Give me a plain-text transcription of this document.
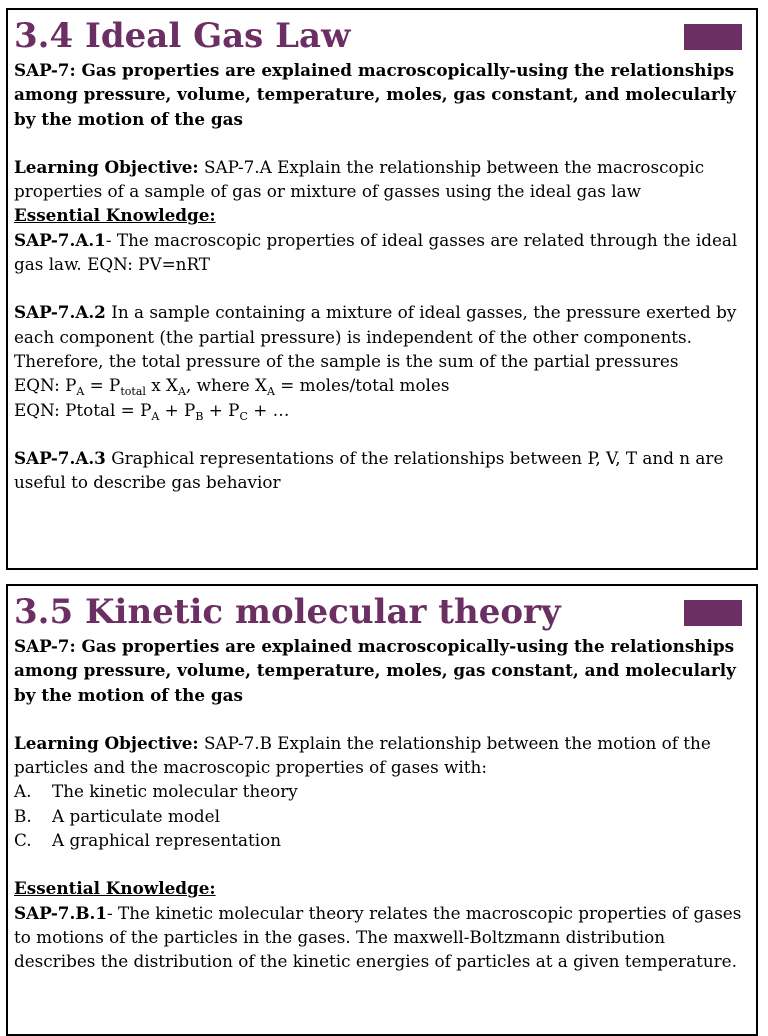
3.4 Ideal Gas Law
SAP-7: Gas properties are explained macroscopically-using the relationships among pressure, volume, temperature, moles, gas constant, and molecularly by the motion of the gas
Learning Objective: SAP-7.A Explain the relationship between the macroscopic properties of a sample of gas or mixture of gasses using the ideal gas law
Essential Knowledge:
SAP-7.A.1- The macroscopic properties of ideal gasses are related through the ideal gas law. EQN: PV=nRT
SAP-7.A.2 In a sample containing a mixture of ideal gasses, the pressure exerted by each component (the partial pressure) is independent of the other components. Therefore, the total pressure of the sample is the sum of the partial pressures
EQN: $P_A = P_{total}$ x $X_A$, where $X_A$ = moles/total moles
EQN: Ptotal = $P_A + P_B + P_C$ + …
SAP-7.A.3 Graphical representations of the relationships between P, V, T and n are useful to describe gas behavior
3.5 Kinetic molecular theory
SAP-7: Gas properties are explained macroscopically-using the relationships among pressure, volume, temperature, moles, gas constant, and molecularly by the motion of the gas
Learning Objective: SAP-7.B Explain the relationship between the motion of the particles and the macroscopic properties of gases with:
A.	The kinetic molecular theory
B.	A particulate model
C.	A graphical representation
Essential Knowledge:
SAP-7.B.1- The kinetic molecular theory relates the macroscopic properties of gases to motions of the particles in the gases. The maxwell-Boltzmann distribution describes the distribution of the kinetic energies of particles at a given temperature.
